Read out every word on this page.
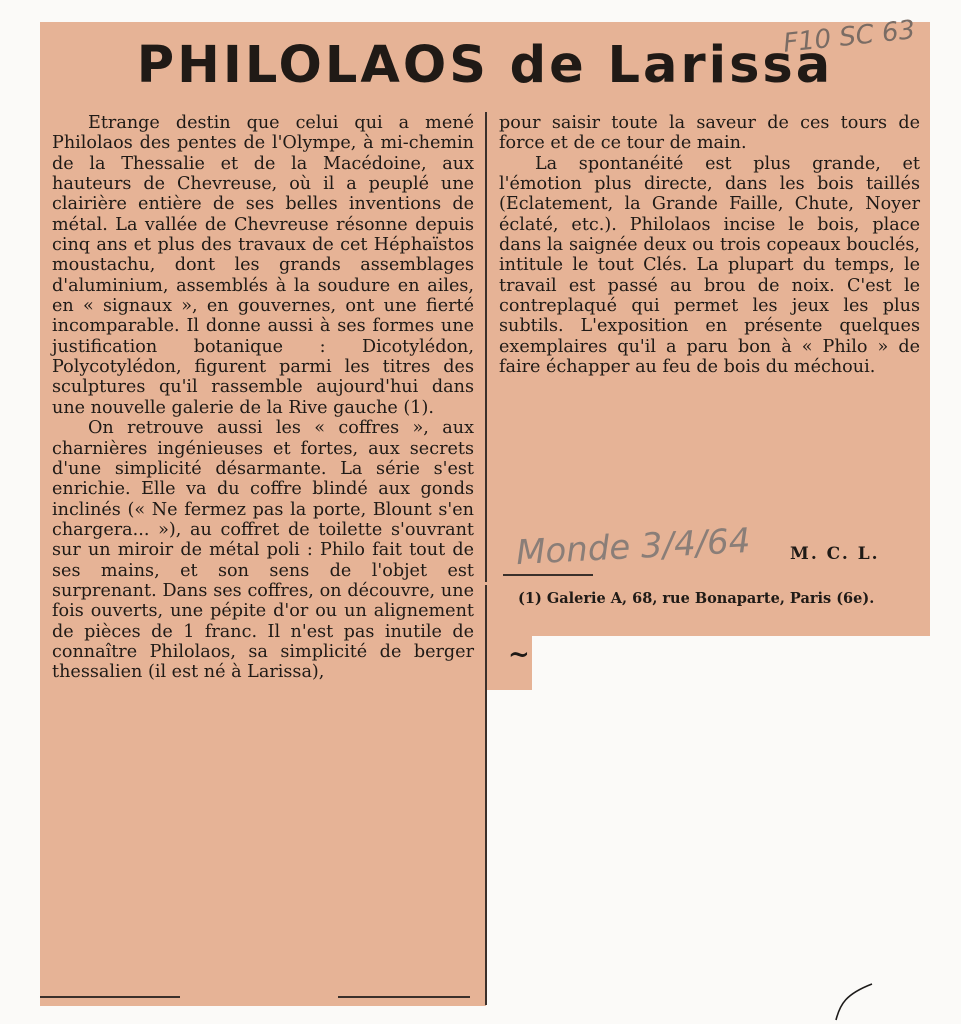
PHILOLAOS de Larissa
F10 SC 63

Etrange destin que celui qui a mené Philolaos des pentes de l'Olympe, à mi-chemin de la Thessalie et de la Macédoine, aux hauteurs de Chevreuse, où il a peuplé une clairière entière de ses belles inventions de métal. La vallée de Chevreuse résonne depuis cinq ans et plus des travaux de cet Héphaïstos moustachu, dont les grands assemblages d'aluminium, assemblés à la soudure en ailes, en « signaux », en gouvernes, ont une fierté incomparable. Il donne aussi à ses formes une justification botanique : Dicotylédon, Polycotylédon, figurent parmi les titres des sculptures qu'il rassemble aujourd'hui dans une nouvelle galerie de la Rive gauche (1).

On retrouve aussi les « coffres », aux charnières ingénieuses et fortes, aux secrets d'une simplicité désarmante. La série s'est enrichie. Elle va du coffre blindé aux gonds inclinés (« Ne fermez pas la porte, Blount s'en chargera... »), au coffret de toilette s'ouvrant sur un miroir de métal poli : Philo fait tout de ses mains, et son sens de l'objet est surprenant. Dans ses coffres, on découvre, une fois ouverts, une pépite d'or ou un alignement de pièces de 1 franc. Il n'est pas inutile de connaître Philolaos, sa simplicité de berger thessalien (il est né à Larissa),

pour saisir toute la saveur de ces tours de force et de ce tour de main.

La spontanéité est plus grande, et l'émotion plus directe, dans les bois taillés (Eclatement, la Grande Faille, Chute, Noyer éclaté, etc.). Philolaos incise le bois, place dans la saignée deux ou trois copeaux bouclés, intitule le tout Clés. La plupart du temps, le travail est passé au brou de noix. C'est le contreplaqué qui permet les jeux les plus subtils. L'exposition en présente quelques exemplaires qu'il a paru bon à « Philo » de faire échapper au feu de bois du méchoui.

Monde 3/4/64 M. C. L.

(1) Galerie A, 68, rue Bonaparte, Paris (6e).

~
